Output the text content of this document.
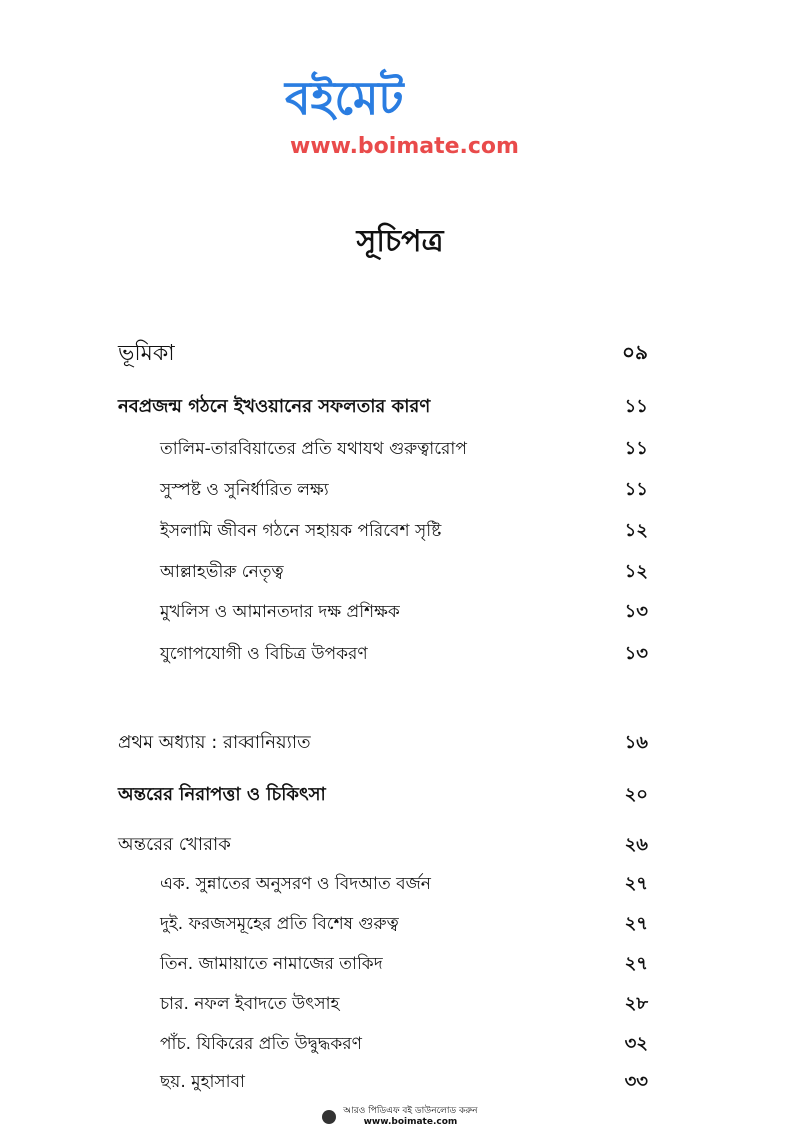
বইমেট
www.boimate.com
সূচিপত্র
ভূমিকা	০৯
নবপ্রজন্ম গঠনে ইখওয়ানের সফলতার কারণ	১১
তালিম-তারবিয়াতের প্রতি যথাযথ গুরুত্বারোপ	১১
সুস্পষ্ট ও সুনির্ধারিত লক্ষ্য	১১
ইসলামি জীবন গঠনে সহায়ক পরিবেশ সৃষ্টি	১২
আল্লাহভীরু নেতৃত্ব	১২
মুখলিস ও আমানতদার দক্ষ প্রশিক্ষক	১৩
যুগোপযোগী ও বিচিত্র উপকরণ	১৩
প্রথম অধ্যায় : রাব্বানিয়্যাত	১৬
অন্তরের নিরাপত্তা ও চিকিৎসা	২০
অন্তরের খোরাক	২৬
এক. সুন্নাতের অনুসরণ ও বিদআত বর্জন	২৭
দুই. ফরজসমূহের প্রতি বিশেষ গুরুত্ব	২৭
তিন. জামায়াতে নামাজের তাকিদ	২৭
চার. নফল ইবাদতে উৎসাহ	২৮
পাঁচ. যিকিরের প্রতি উদ্বুদ্ধকরণ	৩২
ছয়. মুহাসাবা	৩৩
আরও পিডিএফ বই ডাউনলোড করুন
www.boimate.com
